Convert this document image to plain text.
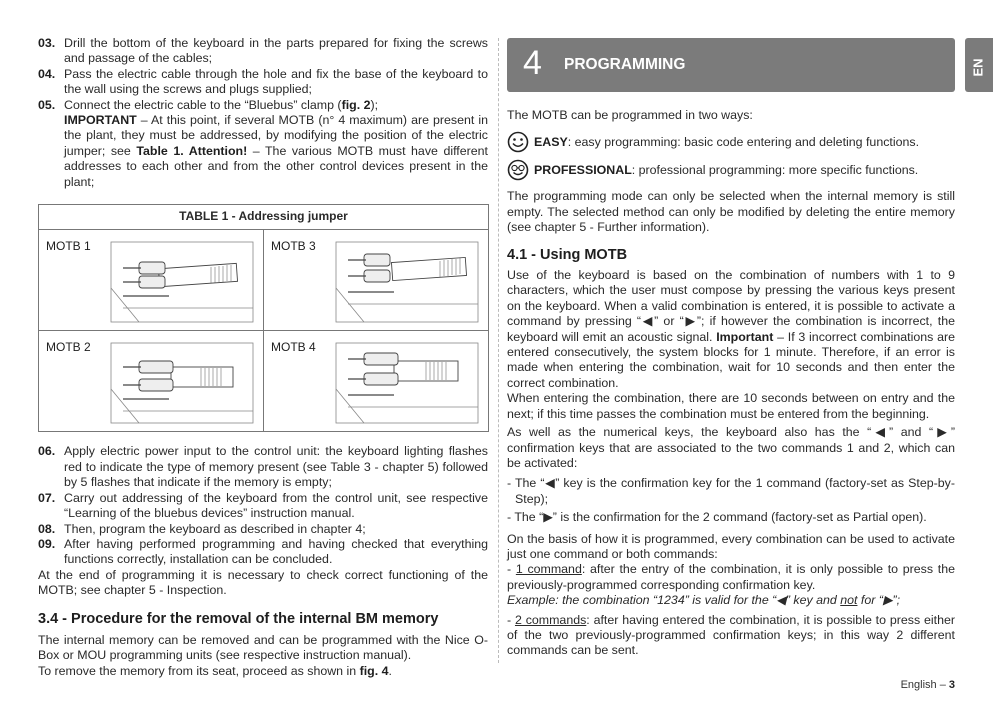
03. Drill the bottom of the keyboard in the parts prepared for fixing the screws and passage of the cables;
04. Pass the electric cable through the hole and fix the base of the keyboard to the wall using the screws and plugs supplied;
05. Connect the electric cable to the “Bluebus” clamp (fig. 2);
IMPORTANT – At this point, if several MOTB (n° 4 maximum) are present in the plant, they must be addressed, by modifying the position of the electric jumper; see Table 1. Attention! – The various MOTB must have different addresses to each other and from the other control devices present in the plant;
TABLE 1 - Addressing jumper
MOTB 1	MOTB 3
MOTB 2	MOTB 4
06. Apply electric power input to the control unit: the keyboard lighting flashes red to indicate the type of memory present (see Table 3 - chapter 5) followed by 5 flashes that indicate if the memory is empty;
07. Carry out addressing of the keyboard from the control unit, see respective “Learning of the bluebus devices” instruction manual.
08. Then, program the keyboard as described in chapter 4;
09. After having performed programming and having checked that everything functions correctly, installation can be concluded.

At the end of programming it is necessary to check correct functioning of the MOTB; see chapter 5 - Inspection.

3.4 - Procedure for the removal of the internal BM memory

The internal memory can be removed and can be programmed with the Nice O-Box or MOU programming units (see respective instruction manual).

To remove the memory from its seat, proceed as shown in fig. 4.

4 PROGRAMMING	EN

The MOTB can be programmed in two ways:

EASY: easy programming: basic code entering and deleting functions.
PROFESSIONAL: professional programming: more specific functions.

The programming mode can only be selected when the internal memory is still empty. The selected method can only be modified by deleting the entire memory (see chapter 5 - Further information).

4.1 - Using MOTB

Use of the keyboard is based on the combination of numbers with 1 to 9 characters, which the user must compose by pressing the various keys present on the keyboard. When a valid combination is entered, it is possible to activate a command by pressing “◀” or “▶”; if however the combination is incorrect, the keyboard will emit an acoustic signal. Important – If 3 incorrect combinations are entered consecutively, the system blocks for 1 minute. Therefore, if an error is made when entering the combination, wait for 10 seconds and then enter the correct combination.

When entering the combination, there are 10 seconds between on entry and the next; if this time passes the combination must be entered from the beginning.

As well as the numerical keys, the keyboard also has the “◀” and “▶” confirmation keys that are associated to the two commands 1 and 2, which can be activated:

- The “◀” key is the confirmation key for the 1 command (factory-set as Step-by-Step);

- The “▶” is the confirmation for the 2 command (factory-set as Partial open).

On the basis of how it is programmed, every combination can be used to activate just one command or both commands:

- 1 command: after the entry of the combination, it is only possible to press the previously-programmed corresponding confirmation key.

Example: the combination “1234” is valid for the “◀” key and not for “▶”;

- 2 commands: after having entered the combination, it is possible to press either of the two previously-programmed confirmation keys; in this way 2 different commands can be sent.

English – 3
